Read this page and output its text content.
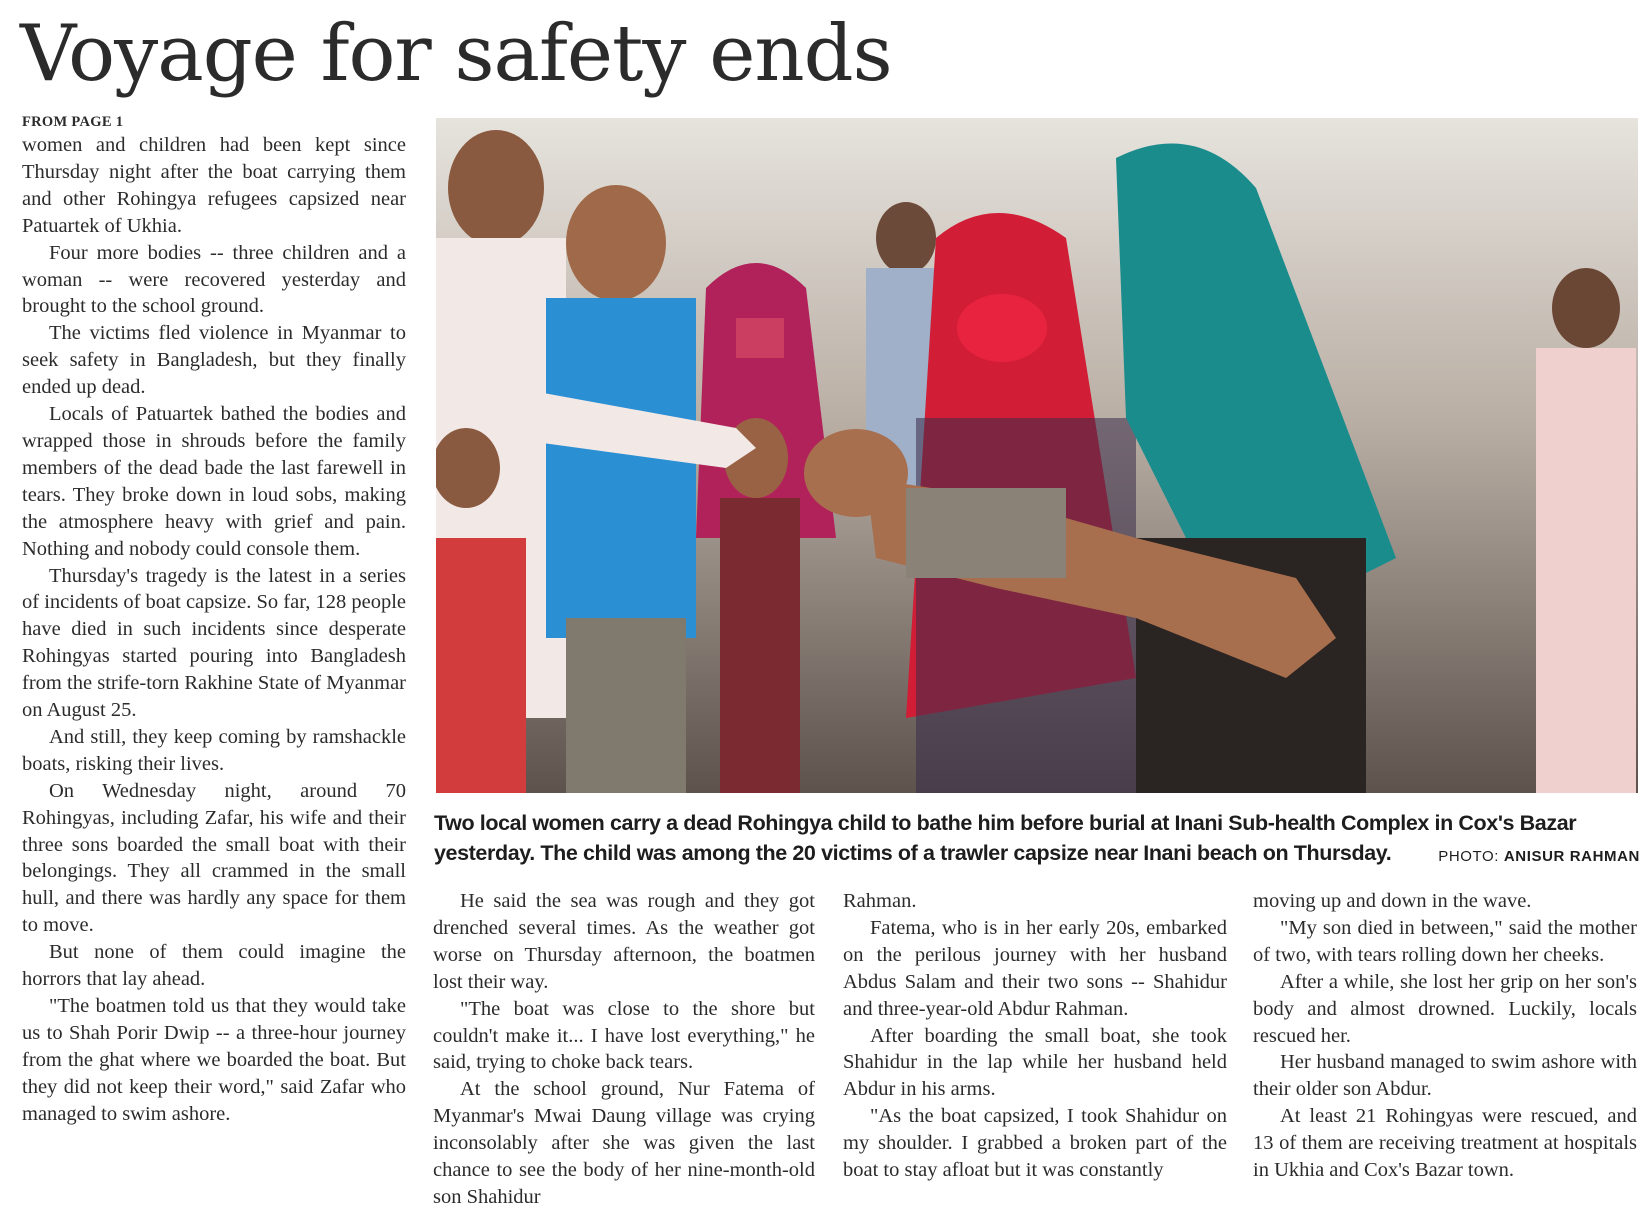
Voyage for safety ends
FROM PAGE 1

women and children had been kept since Thursday night after the boat carrying them and other Rohingya refugees capsized near Patuartek of Ukhia.

Four more bodies -- three children and a woman -- were recovered yesterday and brought to the school ground.

The victims fled violence in Myanmar to seek safety in Bangladesh, but they finally ended up dead.

Locals of Patuartek bathed the bodies and wrapped those in shrouds before the family members of the dead bade the last farewell in tears. They broke down in loud sobs, making the atmosphere heavy with grief and pain. Nothing and nobody could console them.

Thursday's tragedy is the latest in a series of incidents of boat capsize. So far, 128 people have died in such incidents since desperate Rohingyas started pouring into Bangladesh from the strife-torn Rakhine State of Myanmar on August 25.

And still, they keep coming by ramshackle boats, risking their lives.

On Wednesday night, around 70 Rohingyas, including Zafar, his wife and their three sons boarded the small boat with their belongings. They all crammed in the small hull, and there was hardly any space for them to move.

But none of them could imagine the horrors that lay ahead.

"The boatmen told us that they would take us to Shah Porir Dwip -- a three-hour journey from the ghat where we boarded the boat. But they did not keep their word," said Zafar who managed to swim ashore.

Two local women carry a dead Rohingya child to bathe him before burial at Inani Sub-health Complex in Cox's Bazar yesterday. The child was among the 20 victims of a trawler capsize near Inani beach on Thursday.	PHOTO: ANISUR RAHMAN

He said the sea was rough and they got drenched several times. As the weather got worse on Thursday afternoon, the boatmen lost their way.

"The boat was close to the shore but couldn't make it... I have lost everything," he said, trying to choke back tears.

At the school ground, Nur Fatema of Myanmar's Mwai Daung village was crying inconsolably after she was given the last chance to see the body of her nine-month-old son Shahidur

Rahman.

Fatema, who is in her early 20s, embarked on the perilous journey with her husband Abdus Salam and their two sons -- Shahidur and three-year-old Abdur Rahman.

After boarding the small boat, she took Shahidur in the lap while her husband held Abdur in his arms.

"As the boat capsized, I took Shahidur on my shoulder. I grabbed a broken part of the boat to stay afloat but it was constantly

moving up and down in the wave.

"My son died in between," said the mother of two, with tears rolling down her cheeks.

After a while, she lost her grip on her son's body and almost drowned. Luckily, locals rescued her.

Her husband managed to swim ashore with their older son Abdur.

At least 21 Rohingyas were rescued, and 13 of them are receiving treatment at hospitals in Ukhia and Cox's Bazar town.
